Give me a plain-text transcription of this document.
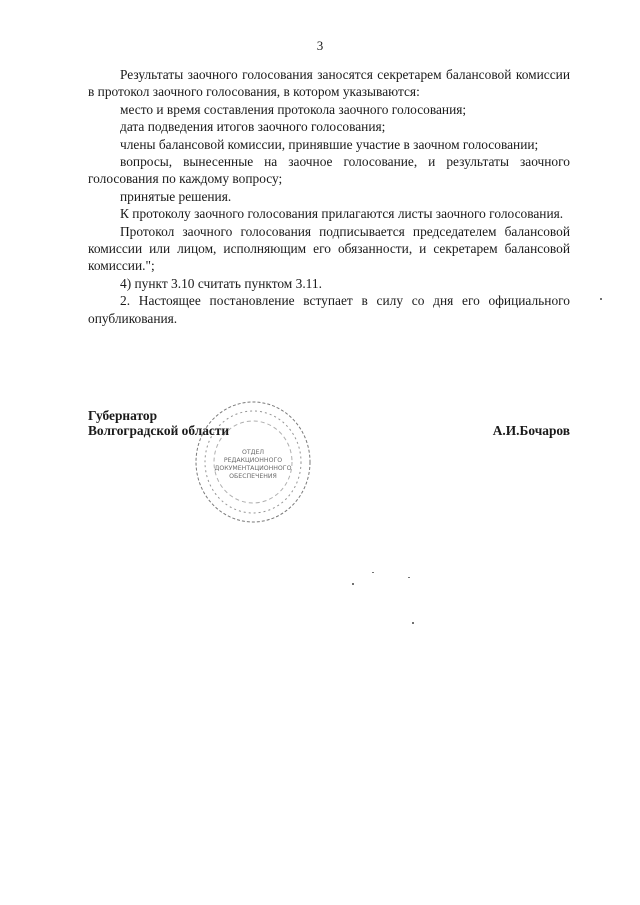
3

Результаты заочного голосования заносятся секретарем балансовой комиссии в протокол заочного голосования, в котором указываются:

место и время составления протокола заочного голосования;

дата подведения итогов заочного голосования;

члены балансовой комиссии, принявшие участие в заочном голосовании;

вопросы, вынесенные на заочное голосование, и результаты заочного голосования по каждому вопросу;

принятые решения.

К протоколу заочного голосования прилагаются листы заочного голосования.

Протокол заочного голосования подписывается председателем балансовой комиссии или лицом, исполняющим его обязанности, и секретарем балансовой комиссии.";

4) пункт 3.10 считать пунктом 3.11.

2. Настоящее постановление вступает в силу со дня его официального опубликования.

Губернатор
Волгоградской области	А.И.Бочаров
ОТДЕЛ
РЕДАКЦИОННОГО
ДОКУМЕНТАЦИОННОГО
ОБЕСПЕЧЕНИЯ
